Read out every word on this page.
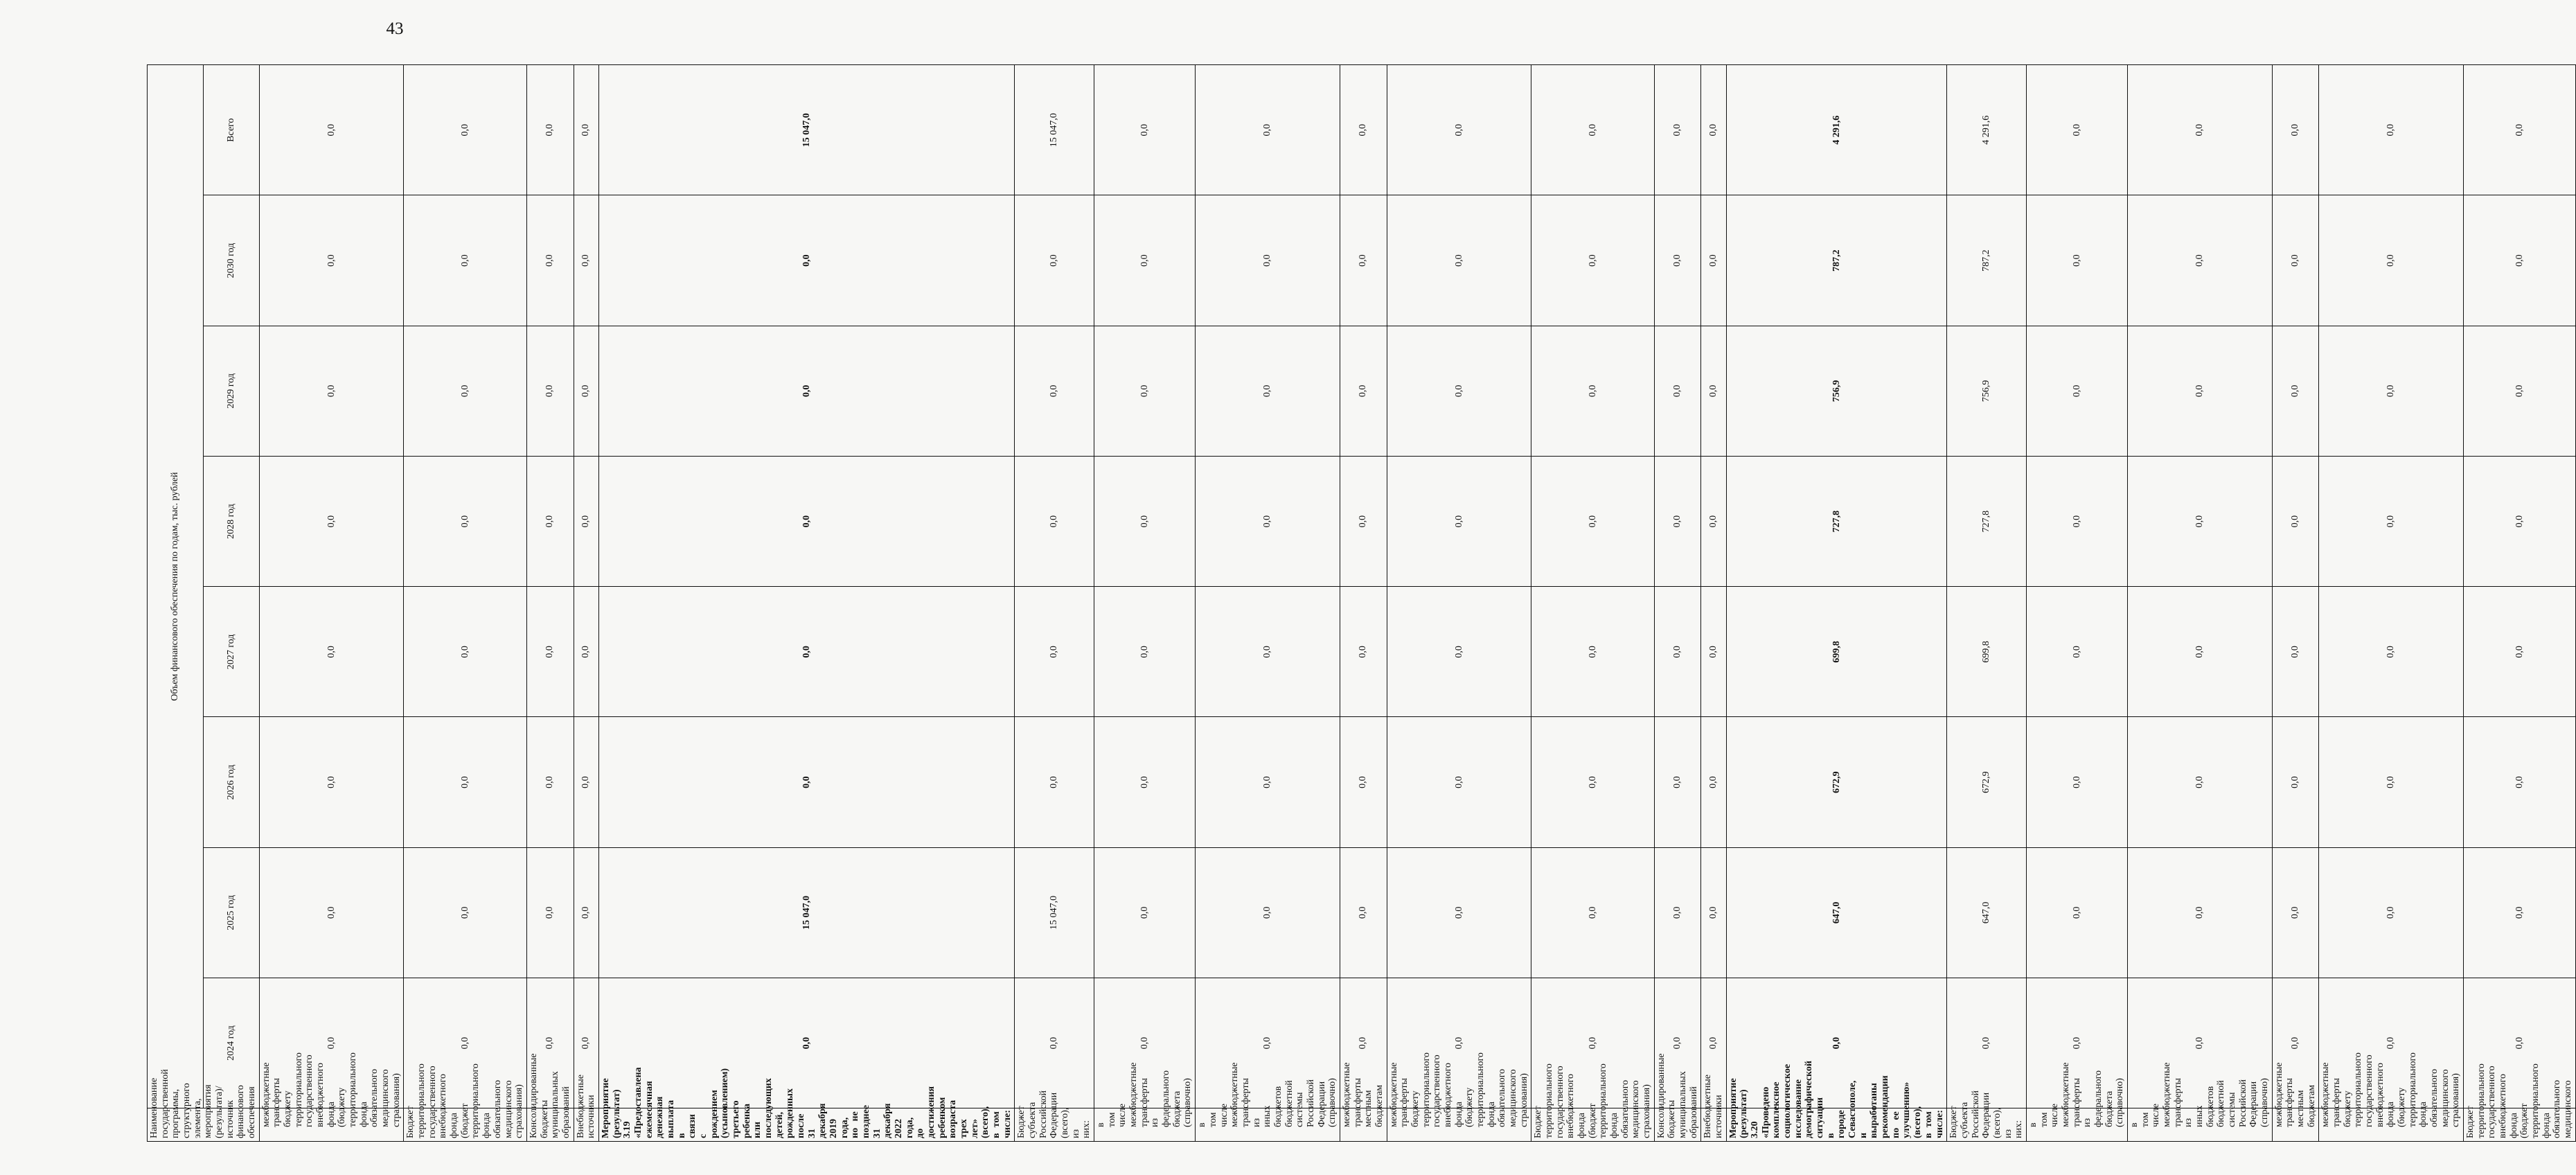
43
Наименование государственной программы, структурного элемента, мероприятия (результата)/источник финансового обеспечения	Объем финансового обеспечения по годам, тыс. рублей							
	2024 год	2025 год	2026 год	2027 год	2028 год	2029 год	2030 год	Всего
межбюджетные трансферты бюджету территориального государственного внебюджетного фонда (бюджету территориального фонда обязательного медицинского страхования)	0,0	0,0	0,0	0,0	0,0	0,0	0,0	0,0
Бюджет территориального государственного внебюджетного фонда (бюджет территориального фонда обязательного медицинского страхования)	0,0	0,0	0,0	0,0	0,0	0,0	0,0	0,0
Консолидированные бюджеты муниципальных образований	0,0	0,0	0,0	0,0	0,0	0,0	0,0	0,0
Внебюджетные источники	0,0	0,0	0,0	0,0	0,0	0,0	0,0	0,0
Мероприятие (результат) 3.19 «Предоставлена ежемесячная денежная выплата в связи с рождением (усыновлением) третьего ребенка или последующих детей, рожденных после 31 декабря 2019 года, но не позднее 31 декабря 2022 года, до достижения ребенком возраста трех лет» (всего), в том числе:	0,0	15 047,0	0,0	0,0	0,0	0,0	0,0	15 047,0
Бюджет субъекта Российской Федерации (всего), из них:	0,0	15 047,0	0,0	0,0	0,0	0,0	0,0	15 047,0
в том числе межбюджетные трансферты из федерального бюджета (справочно)	0,0	0,0	0,0	0,0	0,0	0,0	0,0	0,0
в том числе межбюджетные трансферты из иных бюджетов бюджетной системы Российской Федерации (справочно)	0,0	0,0	0,0	0,0	0,0	0,0	0,0	0,0
межбюджетные трансферты местным бюджетам	0,0	0,0	0,0	0,0	0,0	0,0	0,0	0,0
межбюджетные трансферты бюджету территориального государственного внебюджетного фонда (бюджету территориального фонда обязательного медицинского страхования)	0,0	0,0	0,0	0,0	0,0	0,0	0,0	0,0
Бюджет территориального государственного внебюджетного фонда (бюджет территориального фонда обязательного медицинского страхования)	0,0	0,0	0,0	0,0	0,0	0,0	0,0	0,0
Консолидированные бюджеты муниципальных образований	0,0	0,0	0,0	0,0	0,0	0,0	0,0	0,0
Внебюджетные источники	0,0	0,0	0,0	0,0	0,0	0,0	0,0	0,0
Мероприятие (результат) 3.20 «Проведено комплексное социологическое исследование демографической ситуации в городе Севастополе, и выработаны рекомендации по ее улучшению» (всего), в том числе:	0,0	647,0	672,9	699,8	727,8	756,9	787,2	4 291,6
Бюджет субъекта Российской Федерации (всего), из них:	0,0	647,0	672,9	699,8	727,8	756,9	787,2	4 291,6
в том числе межбюджетные трансферты из федерального бюджета (справочно)	0,0	0,0	0,0	0,0	0,0	0,0	0,0	0,0
в том числе межбюджетные трансферты из иных бюджетов бюджетной системы Российской Федерации (справочно)	0,0	0,0	0,0	0,0	0,0	0,0	0,0	0,0
межбюджетные трансферты местным бюджетам	0,0	0,0	0,0	0,0	0,0	0,0	0,0	0,0
межбюджетные трансферты бюджету территориального государственного внебюджетного фонда (бюджету территориального фонда обязательного медицинского страхования)	0,0	0,0	0,0	0,0	0,0	0,0	0,0	0,0
Бюджет территориального государственного внебюджетного фонда (бюджет территориального фонда обязательного медицинского	0,0	0,0	0,0	0,0	0,0	0,0	0,0	0,0
